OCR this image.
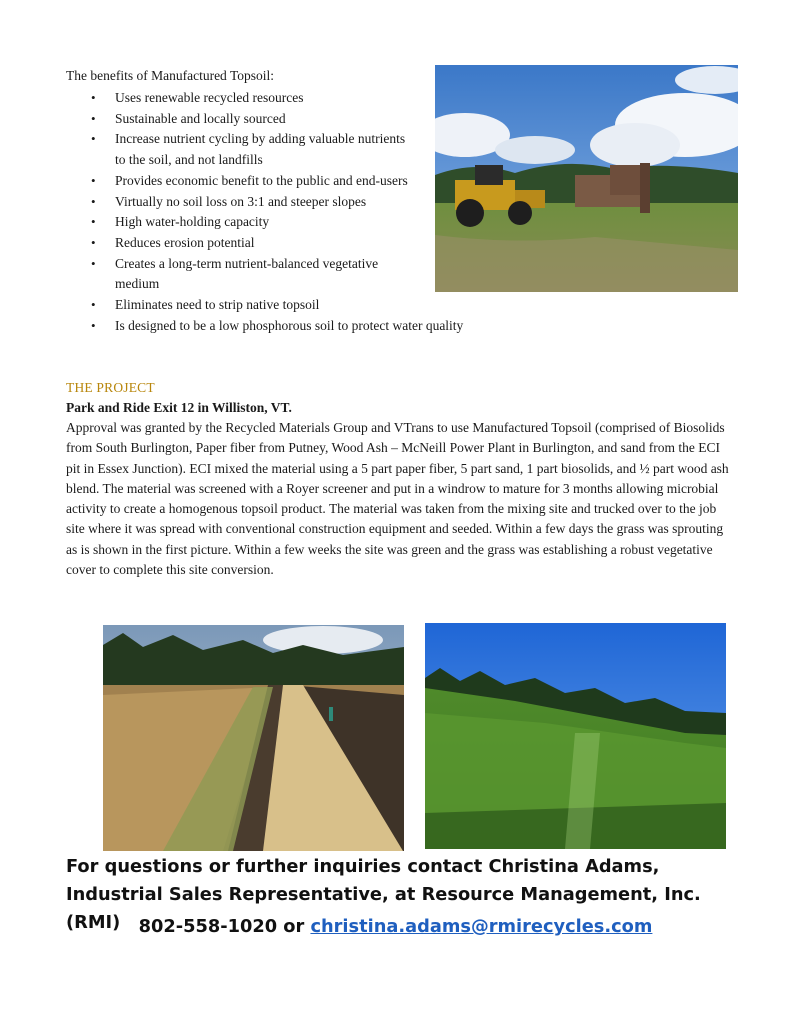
The benefits of Manufactured Topsoil:
• Uses renewable recycled resources
• Sustainable and locally sourced
• Increase nutrient cycling by adding valuable nutrients to the soil, and not landfills
• Provides economic benefit to the public and end-users
• Virtually no soil loss on 3:1 and steeper slopes
• High water-holding capacity
• Reduces erosion potential
• Creates a long-term nutrient-balanced vegetative medium
• Eliminates need to strip native topsoil
• Is designed to be a low phosphorous soil to protect water quality
THE PROJECT
Park and Ride Exit 12 in Williston, VT.

Approval was granted by the Recycled Materials Group and VTrans to use Manufactured Topsoil (comprised of Biosolids from South Burlington, Paper fiber from Putney, Wood Ash – McNeill Power Plant in Burlington, and sand from the ECI pit in Essex Junction). ECI mixed the material using a 5 part paper fiber, 5 part sand, 1 part biosolids, and ½ part wood ash blend. The material was screened with a Royer screener and put in a windrow to mature for 3 months allowing microbial activity to create a homogenous topsoil product. The material was taken from the mixing site and trucked over to the job site where it was spread with conventional construction equipment and seeded. Within a few days the grass was sprouting as is shown in the first picture. Within a few weeks the site was green and the grass was establishing a robust vegetative cover to complete this site conversion.

For questions or further inquiries contact Christina Adams, Industrial Sales Representative, at Resource Management, Inc. (RMI)	802-558-1020 or christina.adams@rmirecycles.com
